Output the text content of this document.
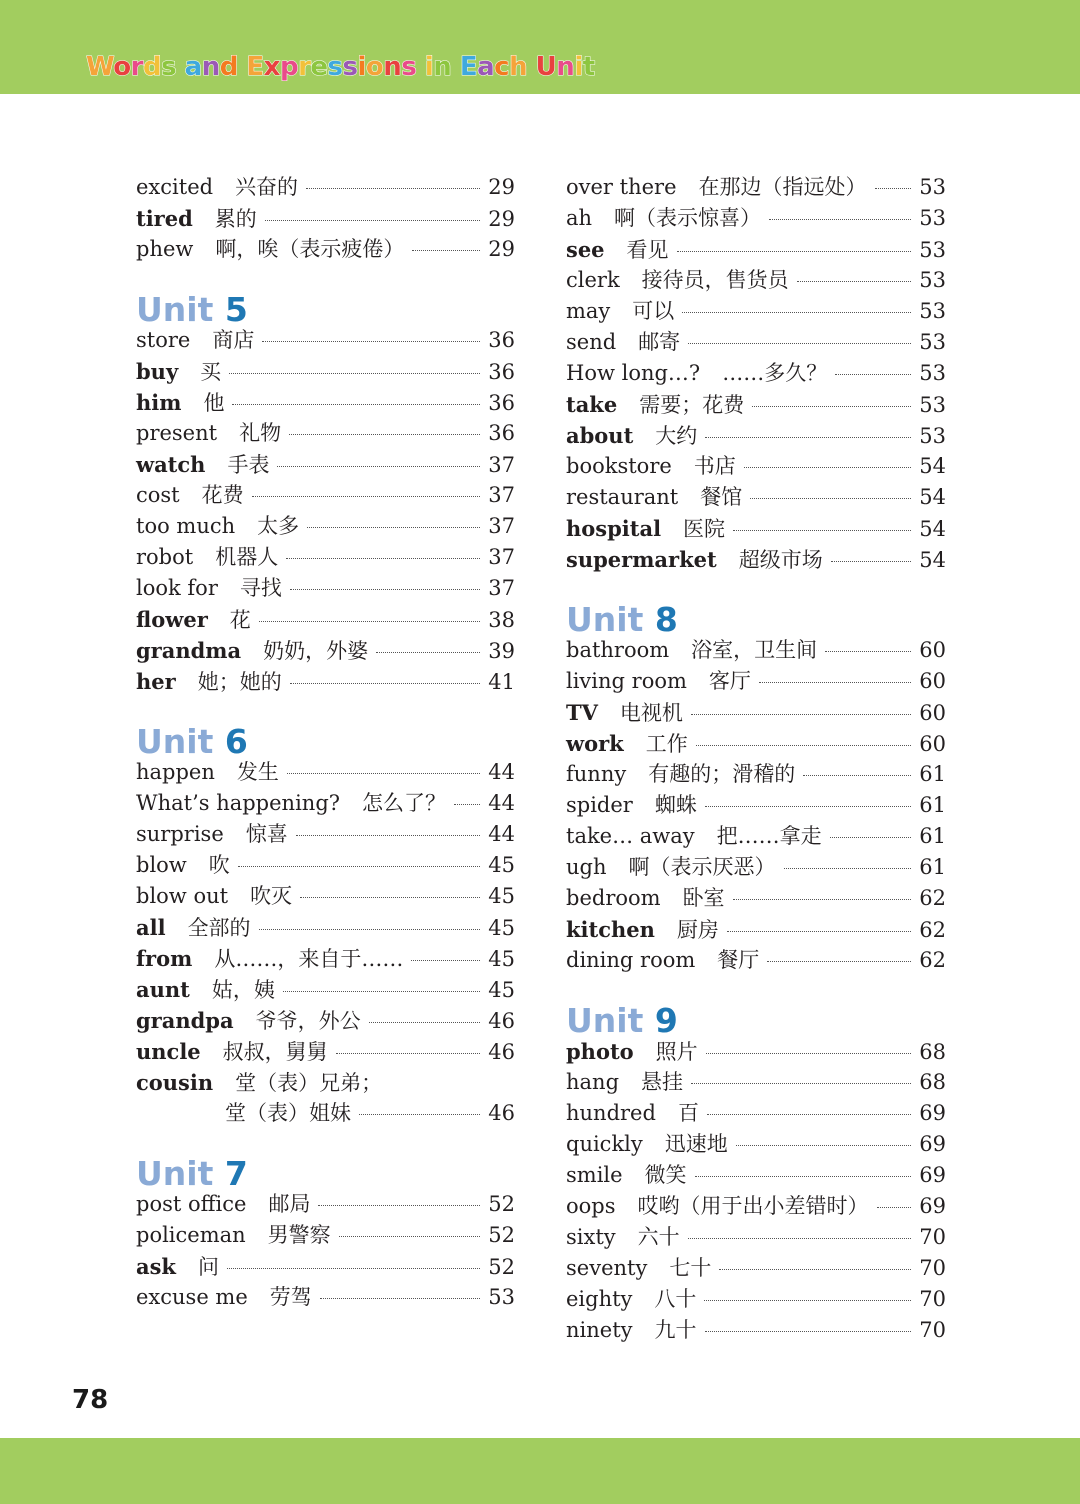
Words and Expressions in Each Unit
excited 兴奋的	29
tired 累的	29
phew 啊，唉（表示疲倦）	29
Unit 5
store 商店	36
buy 买	36
him 他	36
present 礼物	36
watch 手表	37
cost 花费	37
too much 太多	37
robot 机器人	37
look for 寻找	37
flower 花	38
grandma 奶奶，外婆	39
her 她；她的	41
Unit 6
happen 发生	44
What’s happening? 怎么了？ 44
surprise 惊喜	44
blow 吹	45
blow out 吹灭	45
all 全部的	45
from 从……，来自于……	45
aunt 姑，姨	45
grandpa 爷爷，外公	46
uncle 叔叔，舅舅	46
cousin 堂（表）兄弟；
堂（表）姐妹	46
Unit 7
post office 邮局	52
policeman 男警察	52
ask 问	52
excuse me 劳驾	53
over there 在那边（指远处）	53
ah 啊（表示惊喜）	53
see 看见	53
clerk 接待员，售货员	53
may 可以	53
send 邮寄	53
How long…? ……多久？	53
take 需要；花费	53
about 大约	53
bookstore 书店	54
restaurant 餐馆	54
hospital 医院	54
supermarket 超级市场	54
Unit 8
bathroom 浴室，卫生间	60
living room 客厅	60
TV 电视机	60
work 工作	60
funny 有趣的；滑稽的	61
spider 蜘蛛	61
take… away 把……拿走	61
ugh 啊（表示厌恶）	61
bedroom 卧室	62
kitchen 厨房	62
dining room 餐厅	62
Unit 9
photo 照片	68
hang 悬挂	68
hundred 百	69
quickly 迅速地	69
smile 微笑	69
oops 哎哟（用于出小差错时） 69
sixty 六十	70
seventy 七十	70
eighty 八十	70
ninety 九十	70
78
